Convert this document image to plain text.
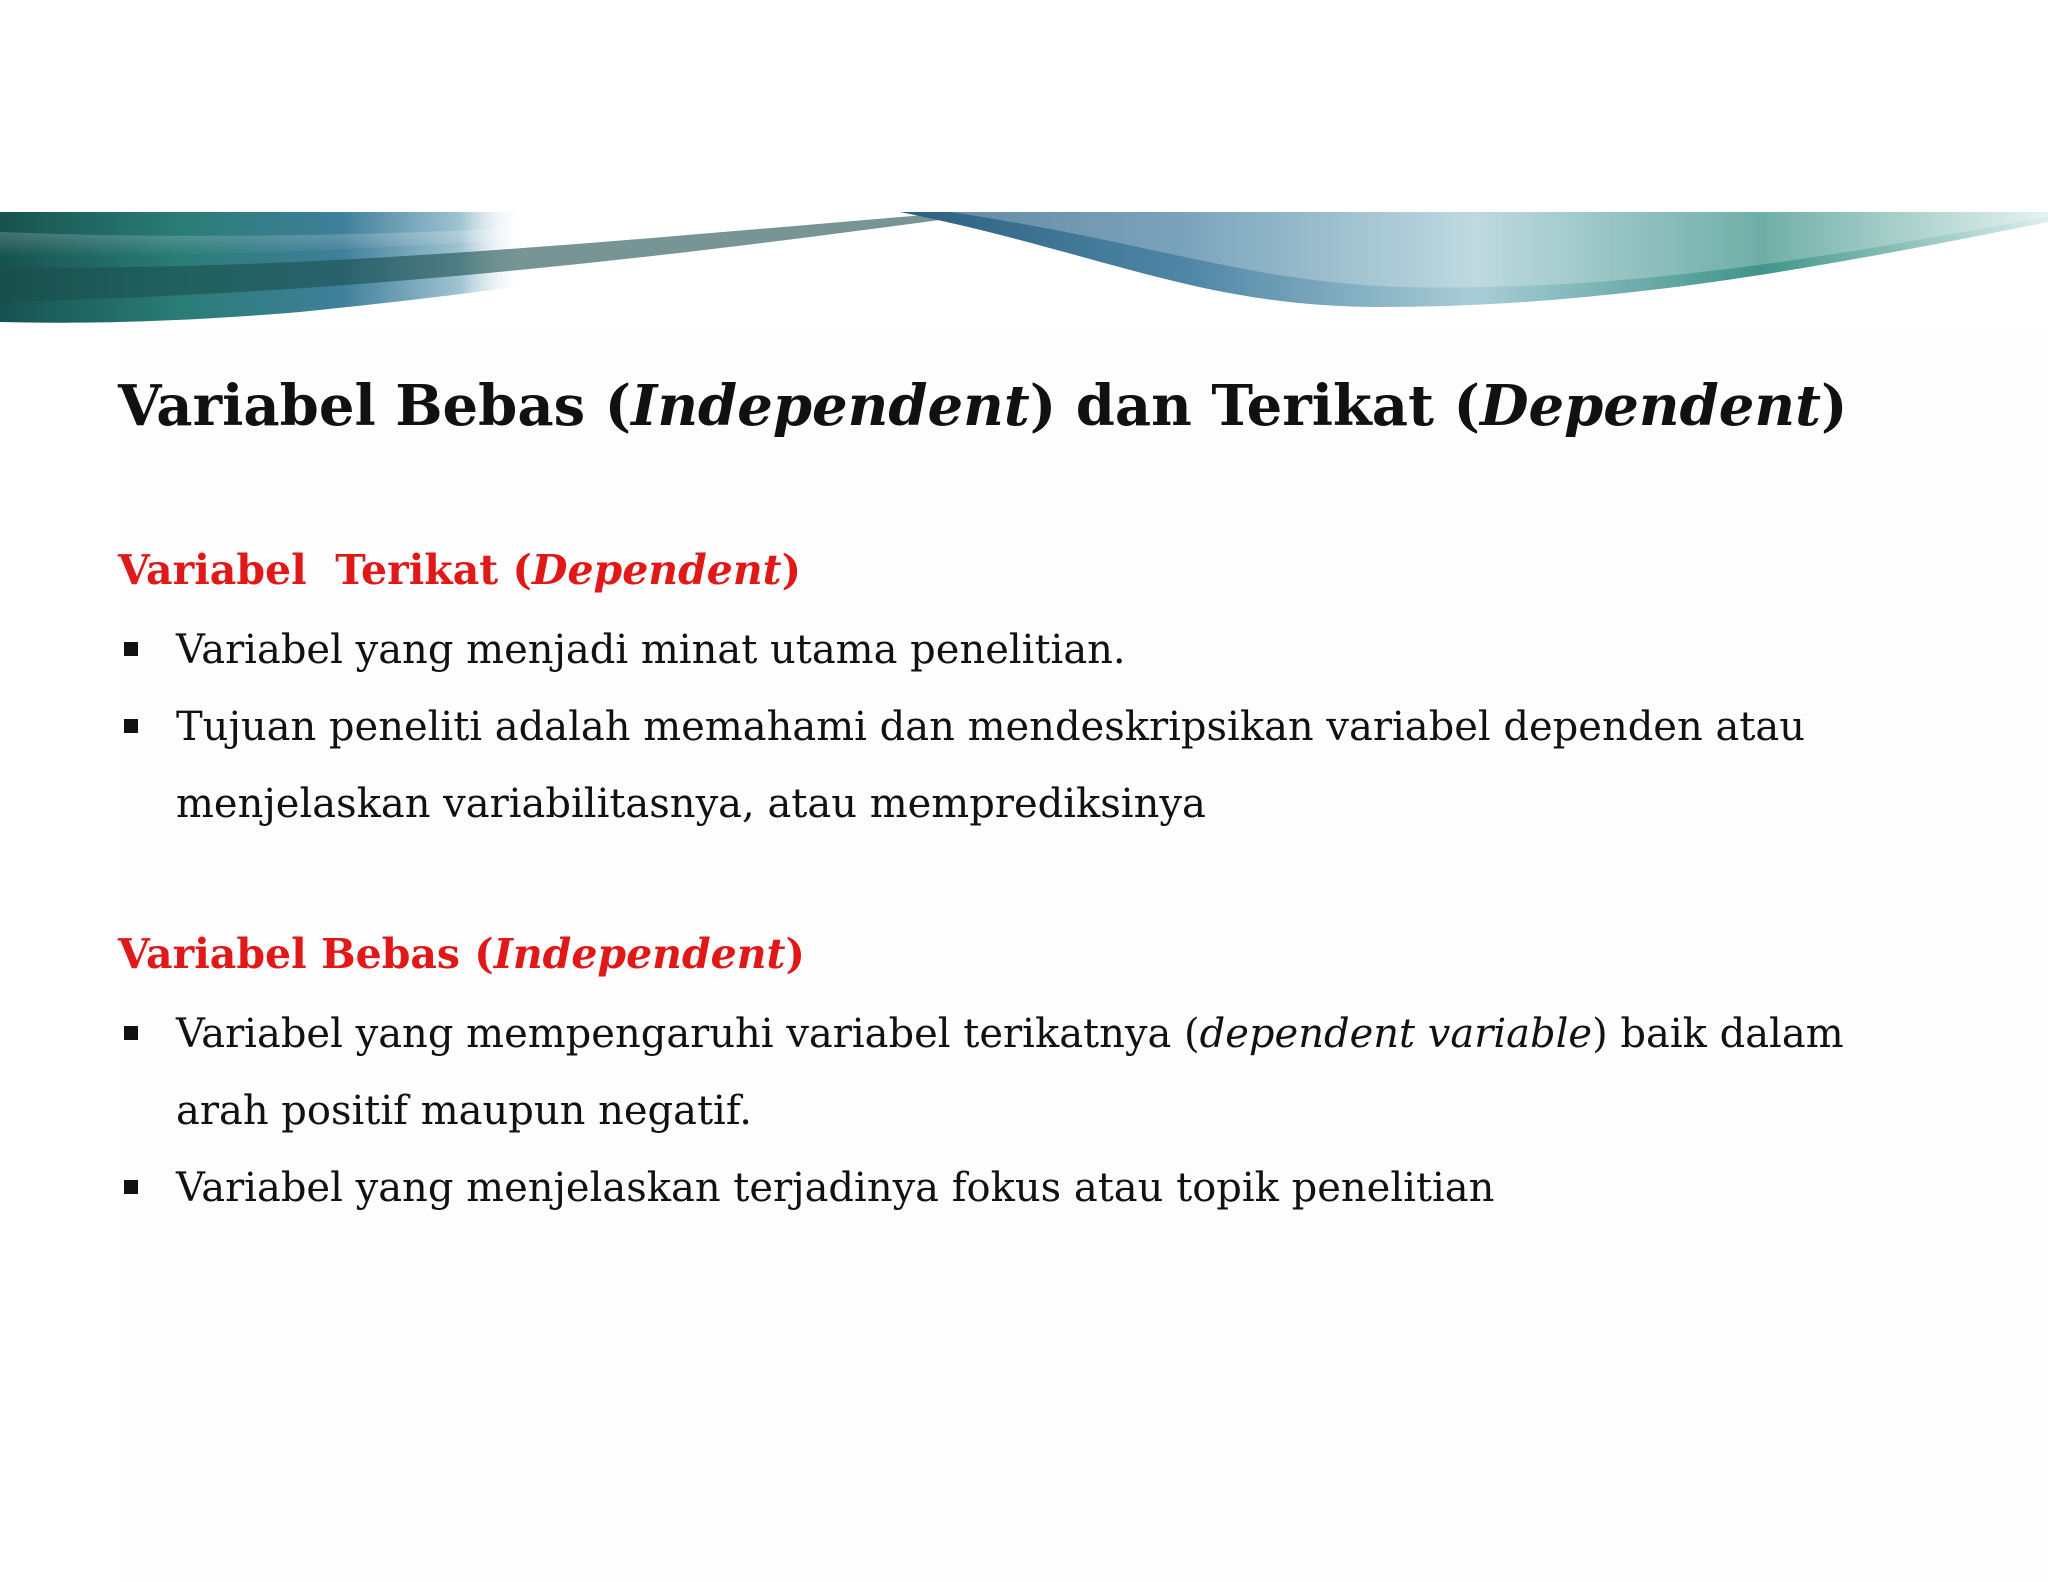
Variabel Bebas (Independent) dan Terikat (Dependent)
Variabel  Terikat (Dependent)
Variabel yang menjadi minat utama penelitian.
Tujuan peneliti adalah memahami dan mendeskripsikan variabel dependen atau menjelaskan variabilitasnya, atau memprediksinya
Variabel Bebas (Independent)
Variabel yang mempengaruhi variabel terikatnya (dependent variable) baik dalam arah positif maupun negatif.
Variabel yang menjelaskan terjadinya fokus atau topik penelitian
